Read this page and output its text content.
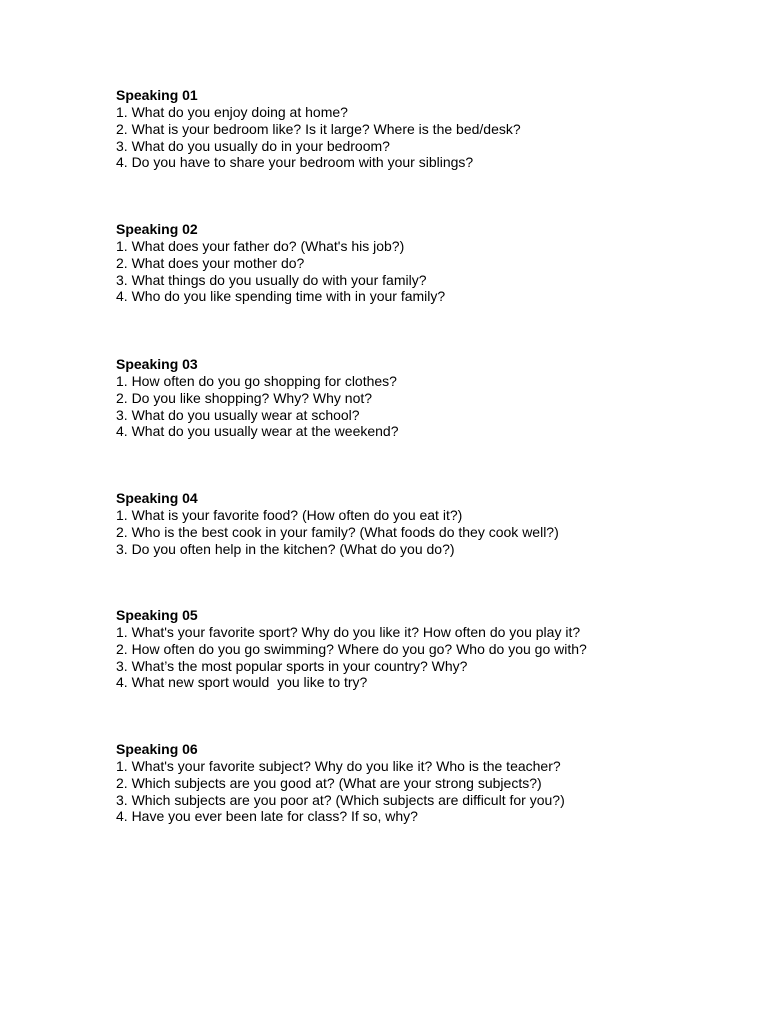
Speaking 01
1. What do you enjoy doing at home?
2. What is your bedroom like? Is it large? Where is the bed/desk?
3. What do you usually do in your bedroom?
4. Do you have to share your bedroom with your siblings?
Speaking 02
1. What does your father do? (What's his job?)
2. What does your mother do?
3. What things do you usually do with your family?
4. Who do you like spending time with in your family?
Speaking 03
1. How often do you go shopping for clothes?
2. Do you like shopping? Why? Why not?
3. What do you usually wear at school?
4. What do you usually wear at the weekend?
Speaking 04
1. What is your favorite food? (How often do you eat it?)
2. Who is the best cook in your family? (What foods do they cook well?)
3. Do you often help in the kitchen? (What do you do?)
Speaking 05
1. What's your favorite sport? Why do you like it? How often do you play it?
2. How often do you go swimming? Where do you go? Who do you go with?
3. What’s the most popular sports in your country? Why?
4. What new sport would  you like to try?
Speaking 06
1. What's your favorite subject? Why do you like it? Who is the teacher?
2. Which subjects are you good at? (What are your strong subjects?)
3. Which subjects are you poor at? (Which subjects are difficult for you?)
4. Have you ever been late for class? If so, why?
